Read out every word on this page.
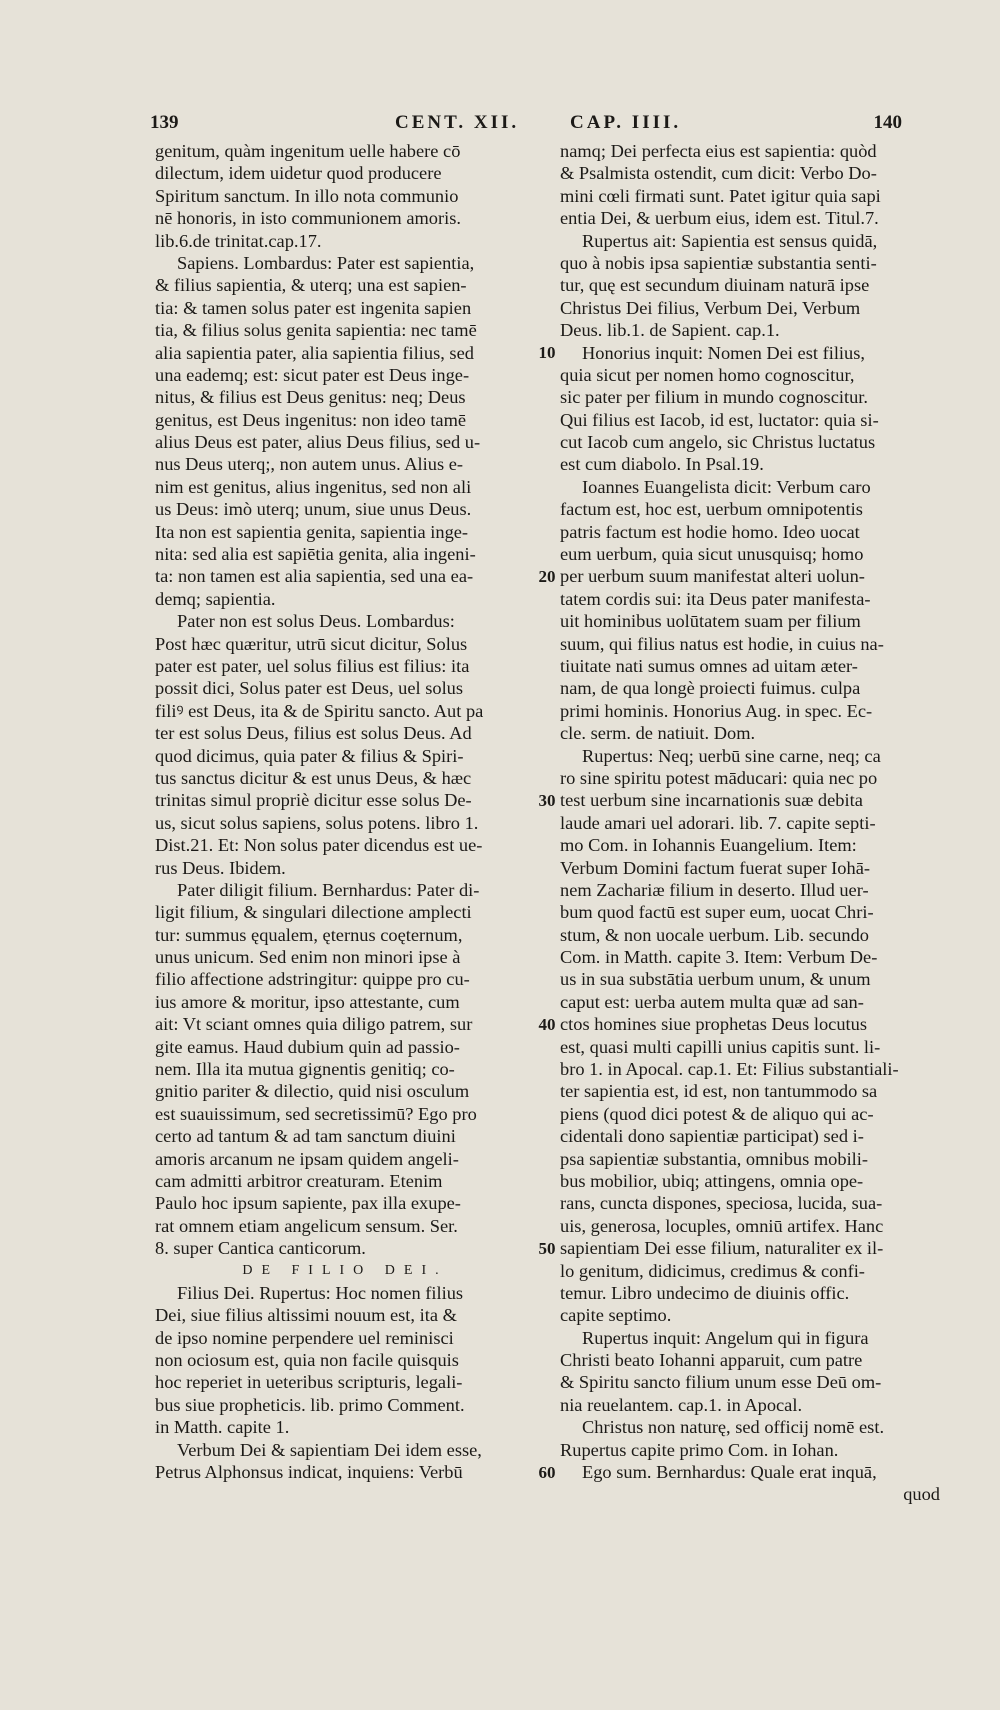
139	CENT. XII.	CAP. IIII.	140
genitum, quàm ingenitum uelle habere cō
dilectum, idem uidetur quod producere
Spiritum sanctum. In illo nota communio
nē honoris, in isto communionem amoris.
lib.6.de trinitat.cap.17.
Sapiens. Lombardus: Pater est sapientia,
& filius sapientia, & uterq; una est sapien-
tia: & tamen solus pater est ingenita sapien
tia, & filius solus genita sapientia: nec tamē
alia sapientia pater, alia sapientia filius, sed
una eademq; est: sicut pater est Deus inge-
nitus, & filius est Deus genitus: neq; Deus
genitus, est Deus ingenitus: non ideo tamē
alius Deus est pater, alius Deus filius, sed u-
nus Deus uterq;, non autem unus. Alius e-
nim est genitus, alius ingenitus, sed non ali
us Deus: imò uterq; unum, siue unus Deus.
Ita non est sapientia genita, sapientia inge-
nita: sed alia est sapiētia genita, alia ingeni-
ta: non tamen est alia sapientia, sed una ea-
demq; sapientia.
Pater non est solus Deus. Lombardus:
Post hæc quæritur, utrū sicut dicitur, Solus
pater est pater, uel solus filius est filius: ita
possit dici, Solus pater est Deus, uel solus
filiꝰ est Deus, ita & de Spiritu sancto. Aut pa
ter est solus Deus, filius est solus Deus. Ad
quod dicimus, quia pater & filius & Spiri-
tus sanctus dicitur & est unus Deus, & hæc
trinitas simul propriè dicitur esse solus De-
us, sicut solus sapiens, solus potens. libro 1.
Dist.21. Et: Non solus pater dicendus est ue-
rus Deus. Ibidem.
Pater diligit filium. Bernhardus: Pater di-
ligit filium, & singulari dilectione amplecti
tur: summus ęqualem, ęternus coęternum,
unus unicum. Sed enim non minori ipse à
filio affectione adstringitur: quippe pro cu-
ius amore & moritur, ipso attestante, cum
ait: Vt sciant omnes quia diligo patrem, sur
gite eamus. Haud dubium quin ad passio-
nem. Illa ita mutua gignentis genitiq; co-
gnitio pariter & dilectio, quid nisi osculum
est suauissimum, sed secretissimū? Ego pro
certo ad tantum & ad tam sanctum diuini
amoris arcanum ne ipsam quidem angeli-
cam admitti arbitror creaturam. Etenim
Paulo hoc ipsum sapiente, pax illa exupe-
rat omnem etiam angelicum sensum. Ser.
8. super Cantica canticorum.
DE FILIO DEI.
Filius Dei. Rupertus: Hoc nomen filius
Dei, siue filius altissimi nouum est, ita &
de ipso nomine perpendere uel reminisci
non ociosum est, quia non facile quisquis
hoc reperiet in ueteribus scripturis, legali-
bus siue propheticis. lib. primo Comment.
in Matth. capite 1.
Verbum Dei & sapientiam Dei idem esse,
Petrus Alphonsus indicat, inquiens: Verbū
10
20
30
40
50
60
namq; Dei perfecta eius est sapientia: quòd
& Psalmista ostendit, cum dicit: Verbo Do-
mini cœli firmati sunt. Patet igitur quia sapi
entia Dei, & uerbum eius, idem est. Titul.7.
Rupertus ait: Sapientia est sensus quidā,
quo à nobis ipsa sapientiæ substantia senti-
tur, quę est secundum diuinam naturā ipse
Christus Dei filius, Verbum Dei, Verbum
Deus. lib.1. de Sapient. cap.1.
Honorius inquit: Nomen Dei est filius,
quia sicut per nomen homo cognoscitur,
sic pater per filium in mundo cognoscitur.
Qui filius est Iacob, id est, luctator: quia si-
cut Iacob cum angelo, sic Christus luctatus
est cum diabolo. In Psal.19.
Ioannes Euangelista dicit: Verbum caro
factum est, hoc est, uerbum omnipotentis
patris factum est hodie homo. Ideo uocat
eum uerbum, quia sicut unusquisq; homo
per uerbum suum manifestat alteri uolun-
tatem cordis sui: ita Deus pater manifesta-
uit hominibus uolūtatem suam per filium
suum, qui filius natus est hodie, in cuius na-
tiuitate nati sumus omnes ad uitam æter-
nam, de qua longè proiecti fuimus. culpa
primi hominis. Honorius Aug. in spec. Ec-
cle. serm. de natiuit. Dom.
Rupertus: Neq; uerbū sine carne, neq; ca
ro sine spiritu potest māducari: quia nec po
test uerbum sine incarnationis suæ debita
laude amari uel adorari. lib. 7. capite septi-
mo Com. in Iohannis Euangelium. Item:
Verbum Domini factum fuerat super Iohā-
nem Zachariæ filium in deserto. Illud uer-
bum quod factū est super eum, uocat Chri-
stum, & non uocale uerbum. Lib. secundo
Com. in Matth. capite 3. Item: Verbum De-
us in sua substātia uerbum unum, & unum
caput est: uerba autem multa quæ ad san-
ctos homines siue prophetas Deus locutus
est, quasi multi capilli unius capitis sunt. li-
bro 1. in Apocal. cap.1. Et: Filius substantiali-
ter sapientia est, id est, non tantummodo sa
piens (quod dici potest & de aliquo qui ac-
cidentali dono sapientiæ participat) sed i-
psa sapientiæ substantia, omnibus mobili-
bus mobilior, ubiq; attingens, omnia ope-
rans, cuncta dispones, speciosa, lucida, sua-
uis, generosa, locuples, omniū artifex. Hanc
sapientiam Dei esse filium, naturaliter ex il-
lo genitum, didicimus, credimus & confi-
temur. Libro undecimo de diuinis offic.
capite septimo.
Rupertus inquit: Angelum qui in figura
Christi beato Iohanni apparuit, cum patre
& Spiritu sancto filium unum esse Deū om-
nia reuelantem. cap.1. in Apocal.
Christus non naturę, sed officij nomē est.
Rupertus capite primo Com. in Iohan.
Ego sum. Bernhardus: Quale erat inquā,
quod
